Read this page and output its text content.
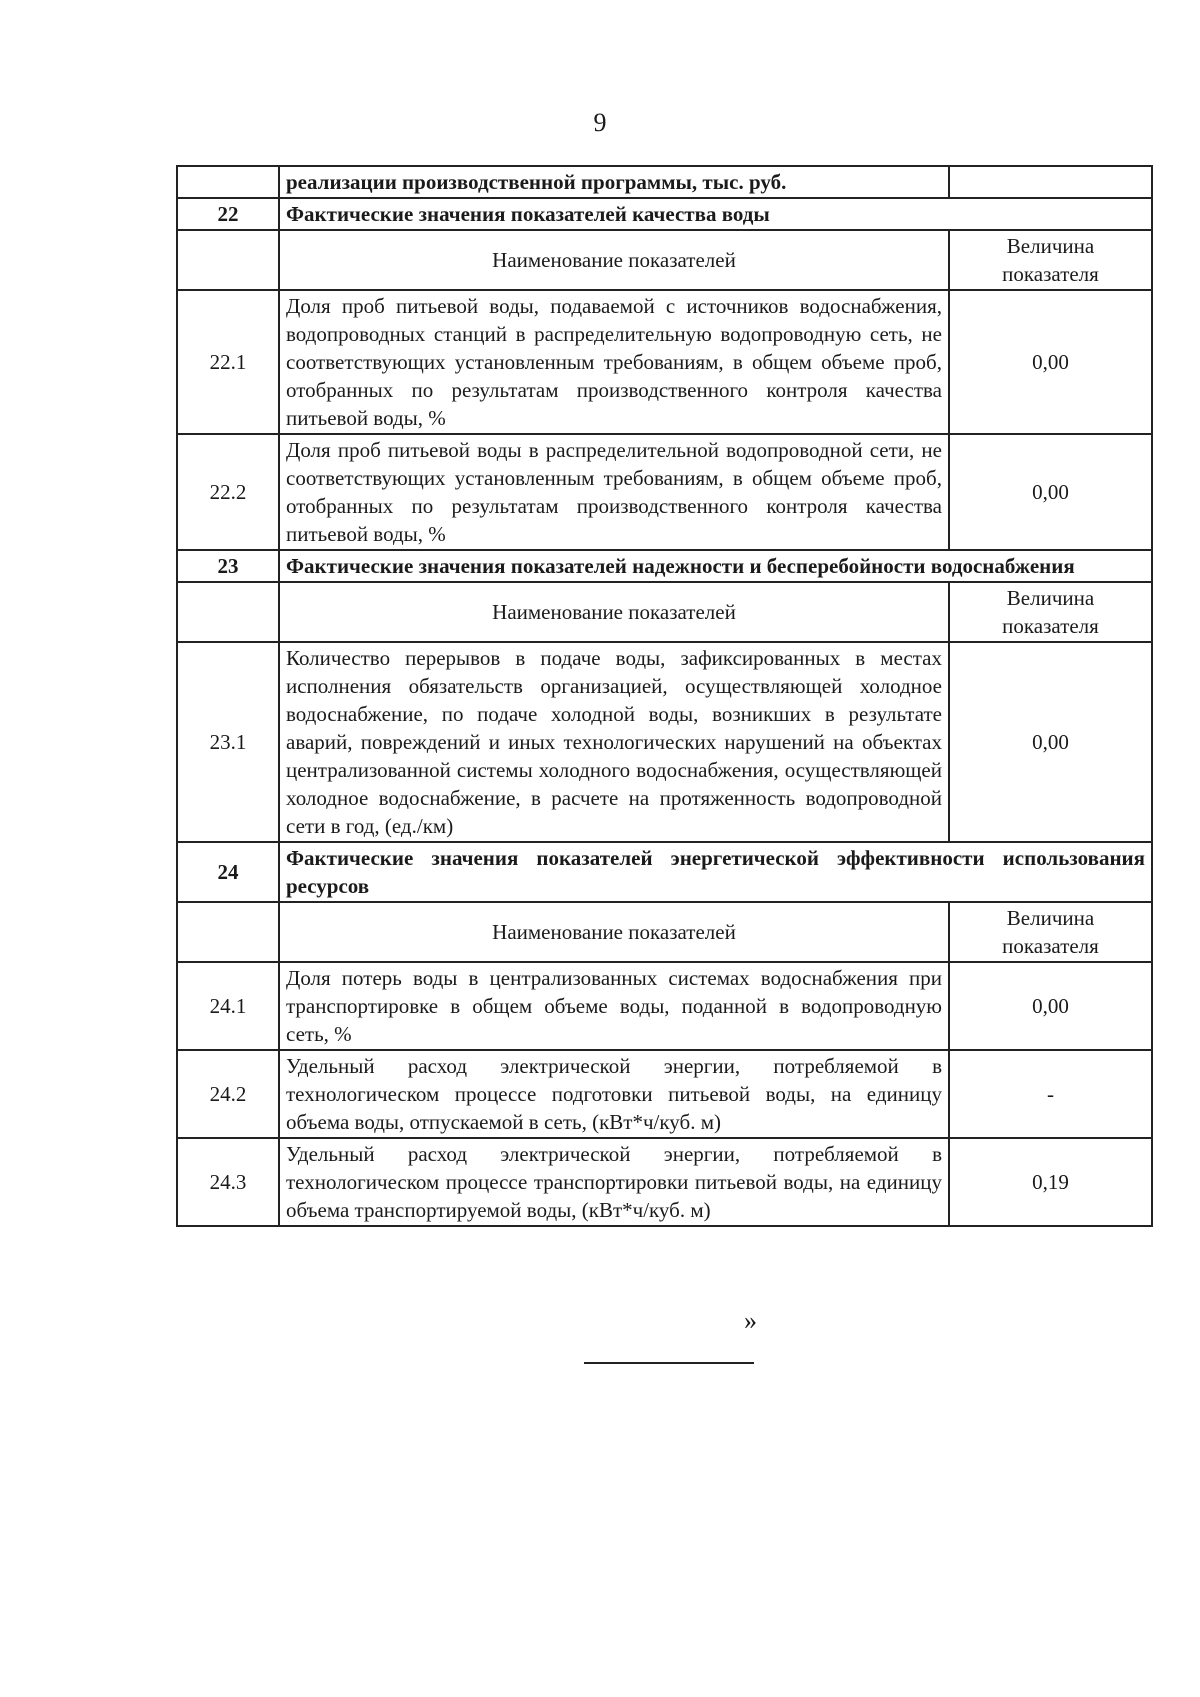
9
	реализации производственной программы, тыс. руб.	
22	Фактические значения показателей качества воды	
	Наименование показателей	Величина показателя
22.1	Доля проб питьевой воды, подаваемой с источников водоснабжения, водопроводных станций в распределительную водопроводную сеть, не соответствующих установленным требованиям, в общем объеме проб, отобранных по результатам производственного контроля качества питьевой воды, %	0,00
22.2	Доля проб питьевой воды в распределительной водопроводной сети, не соответствующих установленным требованиям, в общем объеме проб, отобранных по результатам производственного контроля качества питьевой воды, %	0,00
23	Фактические значения показателей надежности и бесперебойности водоснабжения	
	Наименование показателей	Величина показателя
23.1	Количество перерывов в подаче воды, зафиксированных в местах исполнения обязательств организацией, осуществляющей холодное водоснабжение, по подаче холодной воды, возникших в результате аварий, повреждений и иных технологических нарушений на объектах централизованной системы холодного водоснабжения, осуществляющей холодное водоснабжение, в расчете на протяженность водопроводной сети в год, (ед./км)	0,00
24	Фактические значения показателей энергетической эффективности использования ресурсов	
	Наименование показателей	Величина показателя
24.1	Доля потерь воды в централизованных системах водоснабжения при транспортировке в общем объеме воды, поданной в водопроводную сеть, %	0,00
24.2	Удельный расход электрической энергии, потребляемой в технологическом процессе подготовки питьевой воды, на единицу объема воды, отпускаемой в сеть, (кВт*ч/куб. м)	-
24.3	Удельный расход электрической энергии, потребляемой в технологическом процессе транспортировки питьевой воды, на единицу объема транспортируемой воды, (кВт*ч/куб. м)	0,19
»
